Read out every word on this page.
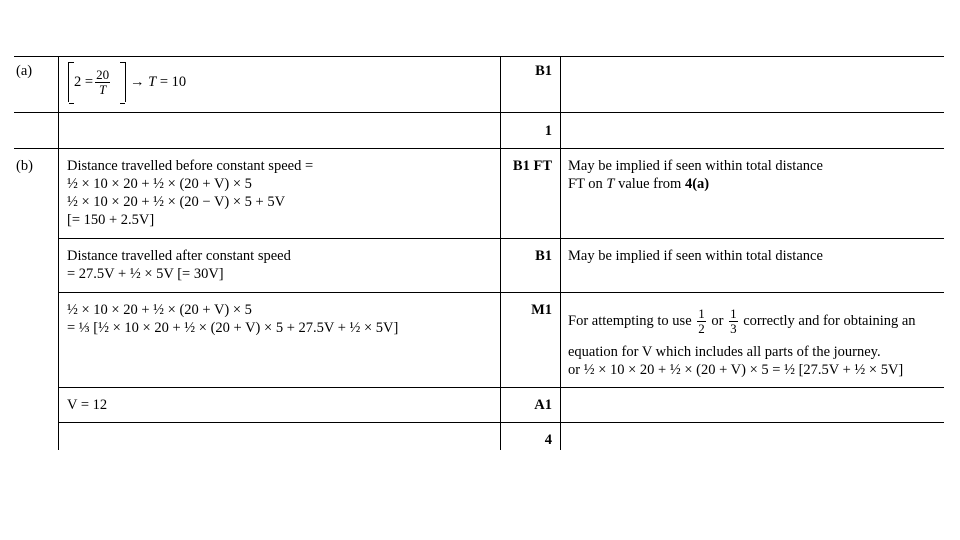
(a)
$2 = \frac{20}{T} \to T = 10$
B1
1
(b) Distance travelled before constant speed =
½ × 10 × 20 + ½ × (20 + V) × 5
½ × 10 × 20 + ½ × (20 − V) × 5 + 5V
[= 150 + 2.5V]
B1 FT May be implied if seen within total distance
FT on T value from 4(a)
Distance travelled after constant speed
= 27.5V + ½ × 5V [= 30V]
B1 May be implied if seen within total distance
½ × 10 × 20 + ½ × (20 + V) × 5
= ⅓ [½ × 10 × 20 + ½ × (20 + V) × 5 + 27.5V + ½ × 5V]
M1
For attempting to use $\frac{1}{2}$ or $\frac{1}{3}$ correctly and for obtaining an
equation for V which includes all parts of the journey.
or ½ × 10 × 20 + ½ × (20 + V) × 5 = ½ [27.5V + ½ × 5V]
V = 12	A1
4
